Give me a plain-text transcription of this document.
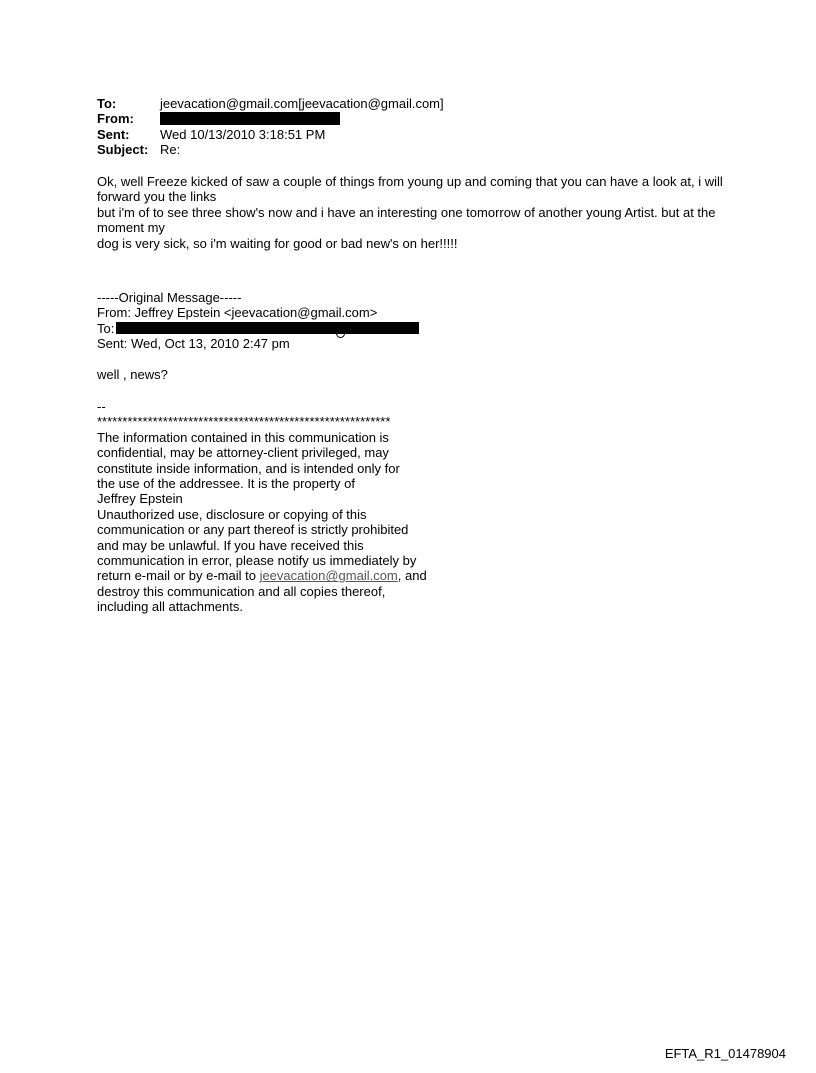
To:	jeevacation@gmail.com[jeevacation@gmail.com]
From:
Sent:	Wed 10/13/2010 3:18:51 PM
Subject: Re:
Ok, well Freeze kicked of saw a couple of things from young up and coming that you can have a look at, i will
forward you the links
but i'm of to see three show's now and i have an interesting one tomorrow of another young Artist. but at the
moment my
dog is very sick, so i'm waiting for good or bad new's on her!!!!!
-----Original Message-----
From: Jeffrey Epstein <jeevacation@gmail.com>
To:
Sent: Wed, Oct 13, 2010 2:47 pm
well , news?
--
**********************************************************
The information contained in this communication is
confidential, may be attorney-client privileged, may
constitute inside information, and is intended only for
the use of the addressee. It is the property of
Jeffrey Epstein
Unauthorized use, disclosure or copying of this
communication or any part thereof is strictly prohibited
and may be unlawful. If you have received this
communication in error, please notify us immediately by
return e-mail or by e-mail to jeevacation@gmail.com, and
destroy this communication and all copies thereof,
including all attachments.
EFTA_R1_01478904
